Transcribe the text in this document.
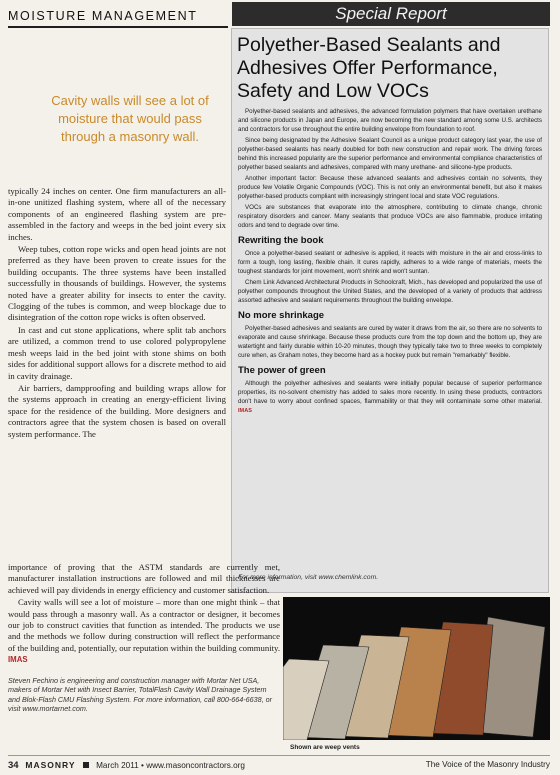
MOISTURE MANAGEMENT	Special Report
Polyether-Based Sealants and Adhesives Offer Performance, Safety and Low VOCs

Polyether-based sealants and adhesives, the advanced formulation polymers that have overtaken urethane and silicone products in Japan and Europe, are now becoming the new standard among some U.S. architects and contractors for use throughout the entire building envelope from foundation to roof.

Since being designated by the Adhesive Sealant Council as a unique product category last year, the use of polyether-based sealants has nearly doubled for both new construction and repair work. The driving forces behind this increased popularity are the superior performance and environmental compliance characteristics of polyether based sealants and adhesives, compared with many urethane- and silicone-type products.

Another important factor: Because these advanced sealants and adhesives contain no solvents, they produce few Volatile Organic Compounds (VOC). This is not only an environmental benefit, but also it makes polyether-based products compliant with increasingly stringent local and state VOC regulations.

VOCs are substances that evaporate into the atmosphere, contributing to climate change, chronic respiratory disorders and cancer. Many sealants that produce VOCs are also flammable, produce irritating odors and tend to degrade over time.

Rewriting the book

Once a polyether-based sealant or adhesive is applied, it reacts with moisture in the air and cross-links to form a tough, long lasting, flexible chain. It cures rapidly, adheres to a wide range of materials, meets the toughest standards for joint movement, won't shrink and won't suntan.

Chem Link Advanced Architectural Products in Schoolcraft, Mich., has developed and popularized the use of polyether compounds throughout the United States, and the developed of a variety of products that address assorted adhesive and sealant requirements throughout the building envelope.

No more shrinkage

Polyether-based adhesives and sealants are cured by water it draws from the air, so there are no solvents to evaporate and cause shrinkage. Because these products cure from the top down and the bottom up, they are watertight and fairly durable within 10-20 minutes, though they typically take two to three weeks to completely cure when, as Graham notes, they become hard as a hockey puck but remain "remarkably" flexible.

The power of green

Although the polyether adhesives and sealants were initially popular because of superior performance properties, its no-solvent chemistry has added to sales more recently. In using these products, contractors don't have to worry about confined spaces, flammability or that they will contaminate some other material. IMAS

For more information, visit www.chemlink.com.
Cavity walls will see a lot of moisture that would pass through a masonry wall.

typically 24 inches on center. One firm manufacturers an all-in-one unitized flashing system, where all of the necessary components of an engineered flashing system are pre-assembled in the factory and weeps in the bed joint every six inches.

Weep tubes, cotton rope wicks and open head joints are not preferred as they have been proven to create issues for the building occupants. The three systems have been installed successfully in thousands of buildings. However, the systems noted have a greater ability for insects to enter the cavity. Clogging of the tubes is common, and weep blockage due to disintegration of the cotton rope wicks is often observed.

In cast and cut stone applications, where split tab anchors are utilized, a common trend to use colored polypropylene mesh weeps laid in the bed joint with stone shims on both sides for additional support allows for a discrete method to aid in cavity drainage.

Air barriers, dampproofing and building wraps allow for the systems approach in creating an energy-efficient living space for the residence of the building. More designers and contractors agree that the system chosen is based on overall system performance. The

importance of proving that the ASTM standards are currently met, manufacturer installation instructions are followed and mil thicknesses are achieved will pay dividends in energy efficiency and customer satisfaction.

Cavity walls will see a lot of moisture – more than one might think – that would pass through a masonry wall. As a contractor or designer, it becomes our job to construct cavities that function as intended. The products we use and the methods we follow during construction will reflect the performance of the building and, potentially, our reputation within the building community. IMAS

Steven Fechino is engineering and construction manager with Mortar Net USA, makers of Mortar Net with Insect Barrier, TotalFlash Cavity Wall Drainage System and Blok-Flash CMU Flashing System. For more information, call 800-664-6638, or visit www.mortarnet.com.
Shown are weep vents
34 MASONRY	March 2011 • www.masoncontractors.org	The Voice of the Masonry Industry
